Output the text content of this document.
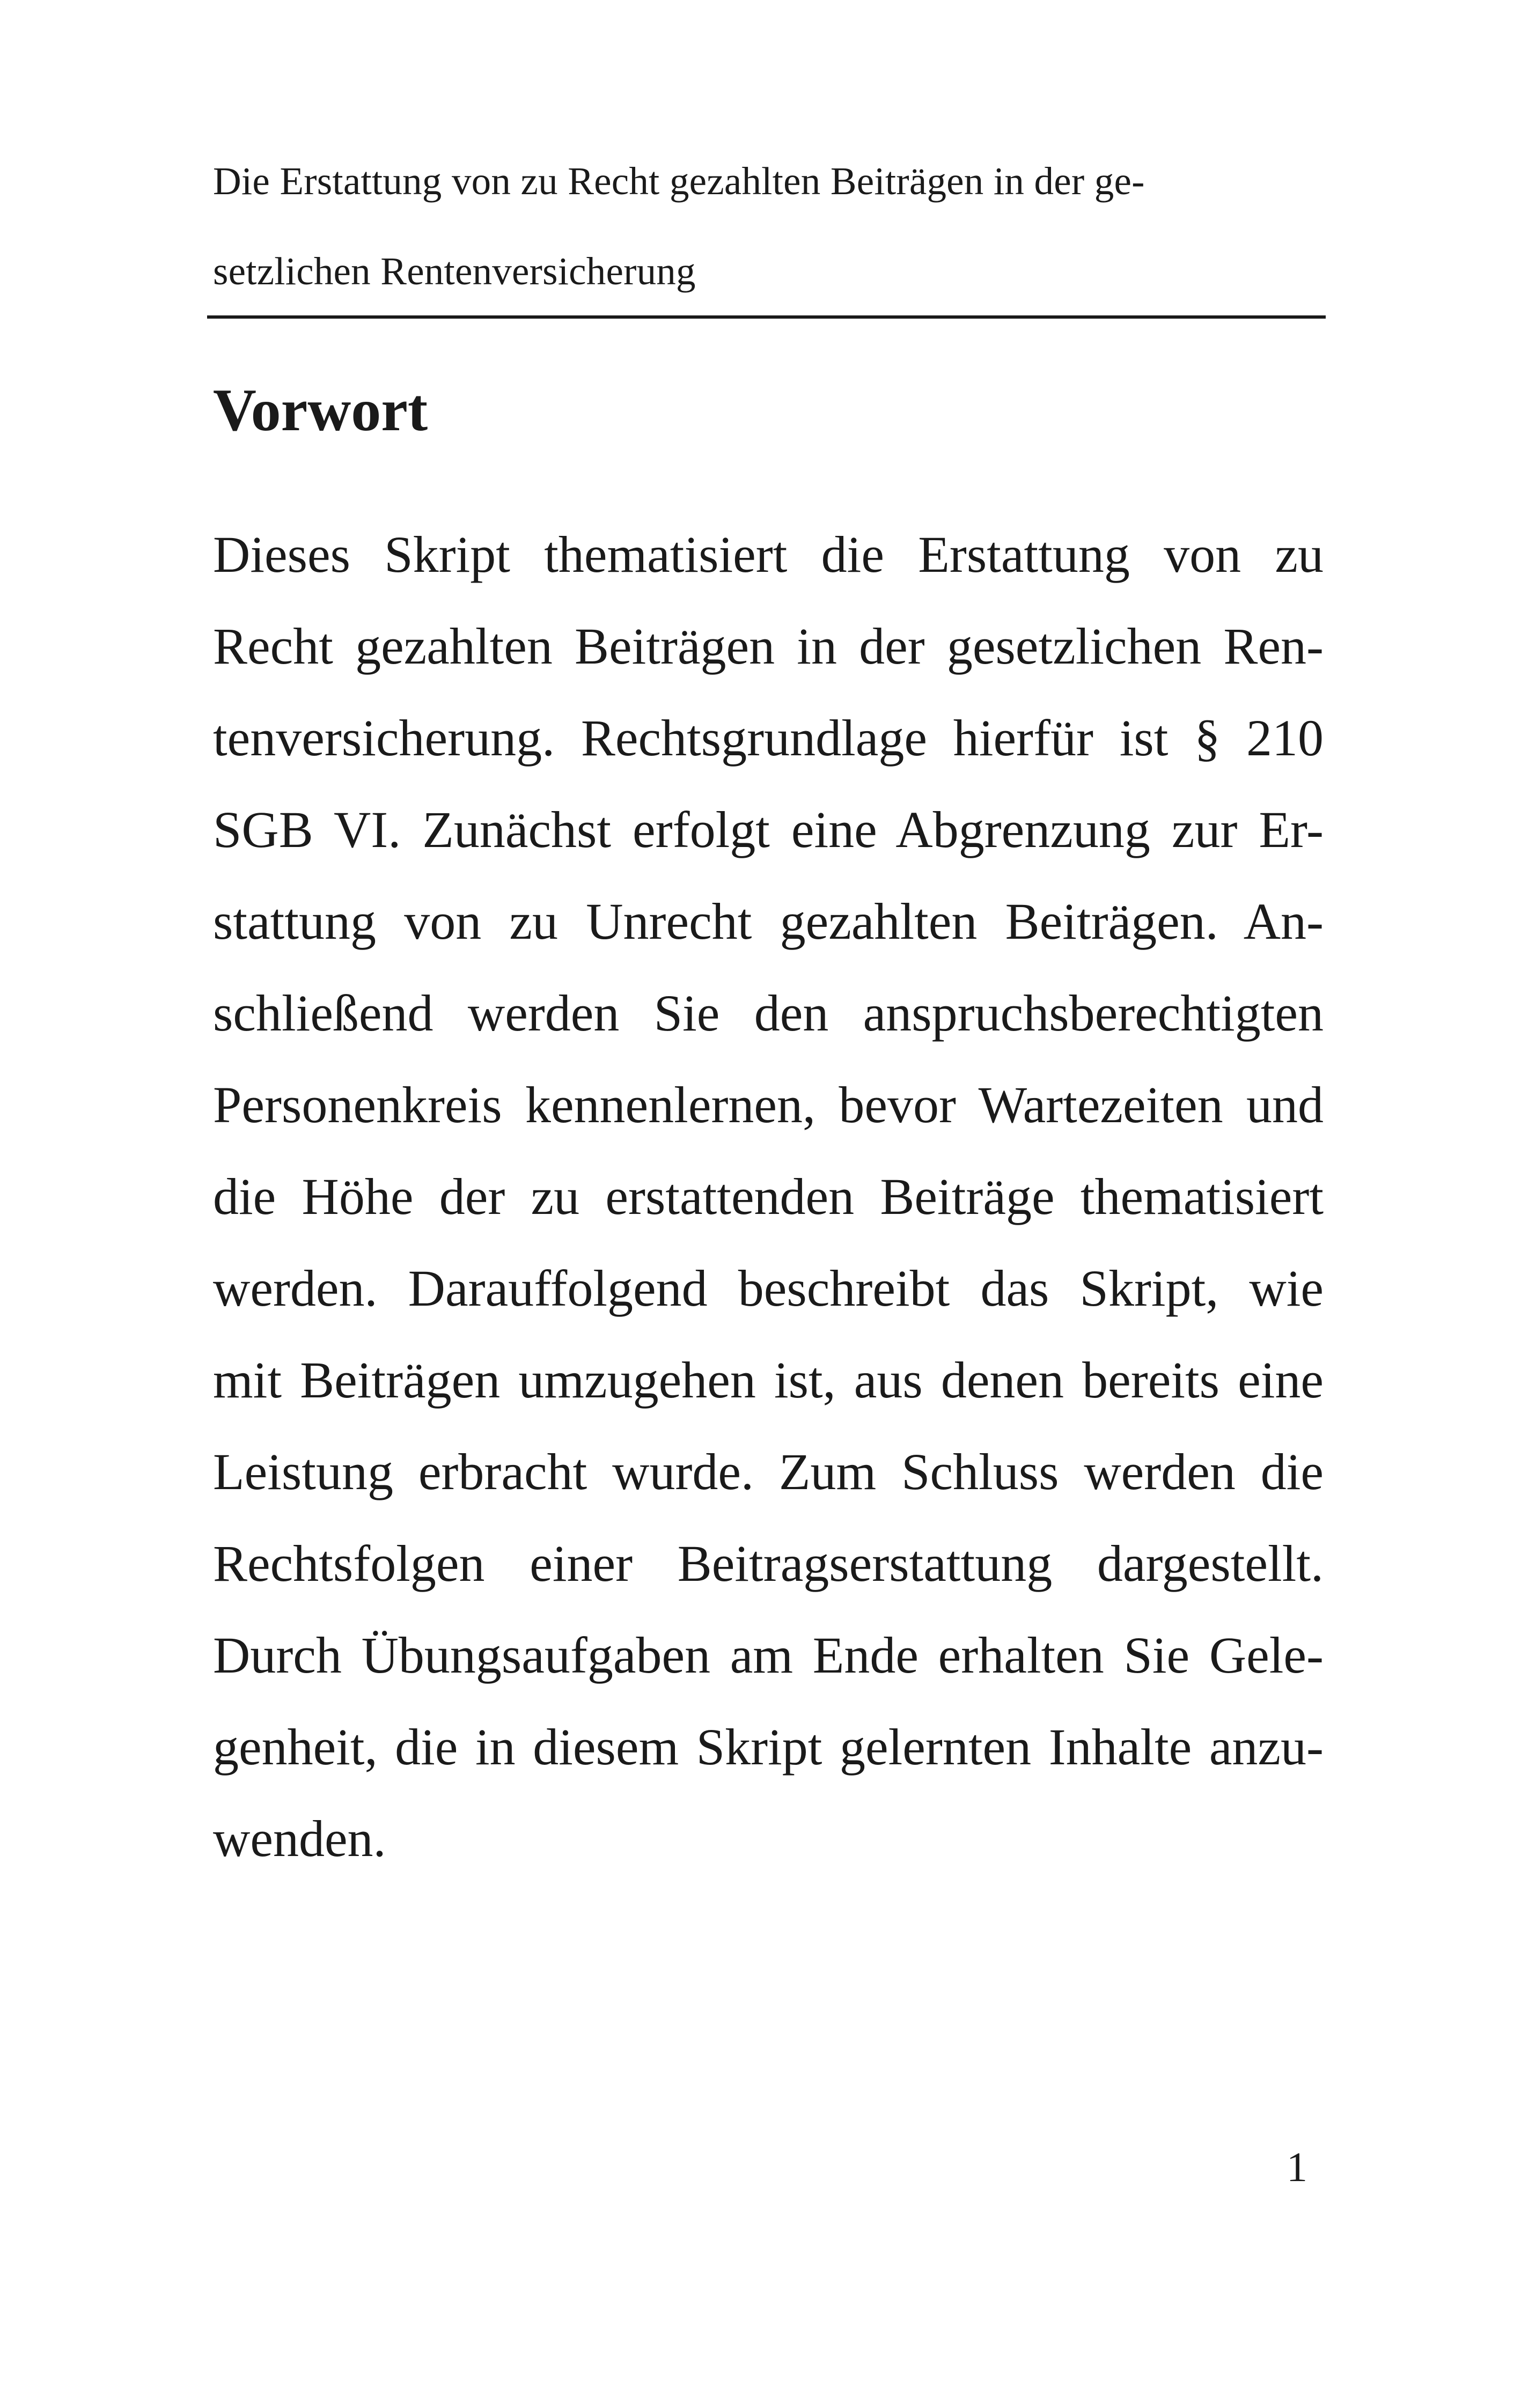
Die Erstattung von zu Recht gezahlten Beiträgen in der ge-
setzlichen Rentenversicherung
Vorwort
Dieses Skript thematisiert die Erstattung von zu
Recht gezahlten Beiträgen in der gesetzlichen Ren-
tenversicherung. Rechtsgrundlage hierfür ist § 210
SGB VI. Zunächst erfolgt eine Abgrenzung zur Er-
stattung von zu Unrecht gezahlten Beiträgen. An-
schließend werden Sie den anspruchsberechtigten
Personenkreis kennenlernen, bevor Wartezeiten und
die Höhe der zu erstattenden Beiträge thematisiert
werden. Darauffolgend beschreibt das Skript, wie
mit Beiträgen umzugehen ist, aus denen bereits eine
Leistung erbracht wurde. Zum Schluss werden die
Rechtsfolgen einer Beitragserstattung dargestellt.
Durch Übungsaufgaben am Ende erhalten Sie Gele-
genheit, die in diesem Skript gelernten Inhalte anzu-
wenden.
1
